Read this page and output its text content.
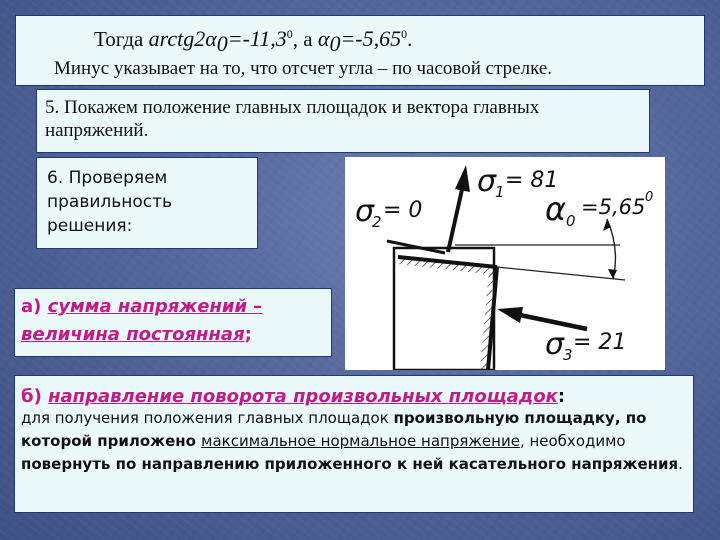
Тогда $arctg2\alpha_0=-11,3^0$, а $\alpha_0=-5,65^0$.
Минус указывает на то, что отсчет угла – по часовой стрелке.
5. Покажем положение главных площадок и вектора главных напряжений.
6. Проверяем правильность решения:
σ
1 = 81
σ
2 = 0	α 0
=5,65 0
σ
3 = 21
а) сумма напряжений – величина постоянная;
б) направление поворота произвольных площадок:
для получения положения главных площадок произвольную площадку, по которой приложено максимальное нормальное напряжение, необходимо повернуть по направлению приложенного к ней касательного напряжения.
